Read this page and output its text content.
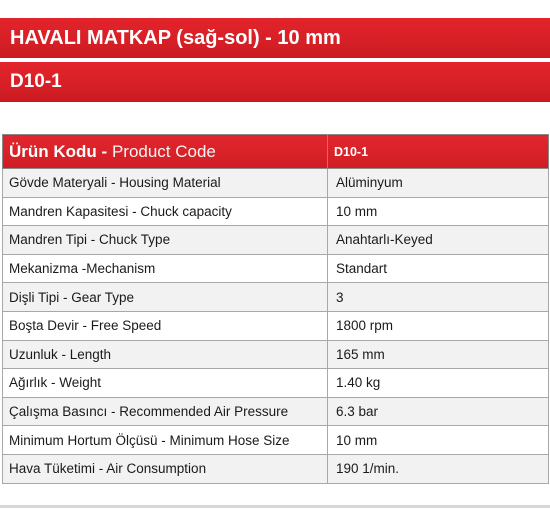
HAVALI MATKAP (sağ-sol) - 10 mm
D10-1
Ürün Kodu - Product Code	D10-1
Gövde Materyali - Housing Material	Alüminyum
Mandren Kapasitesi - Chuck capacity	10 mm
Mandren Tipi - Chuck Type	Anahtarlı-Keyed
Mekanizma -Mechanism	Standart
Dişli Tipi - Gear Type	3
Boşta Devir - Free Speed	1800 rpm
Uzunluk - Length	165 mm
Ağırlık - Weight	1.40 kg
Çalışma Basıncı - Recommended Air Pressure	6.3 bar
Minimum Hortum Ölçüsü - Minimum Hose Size	10 mm
Hava Tüketimi - Air Consumption	190 1/min.
